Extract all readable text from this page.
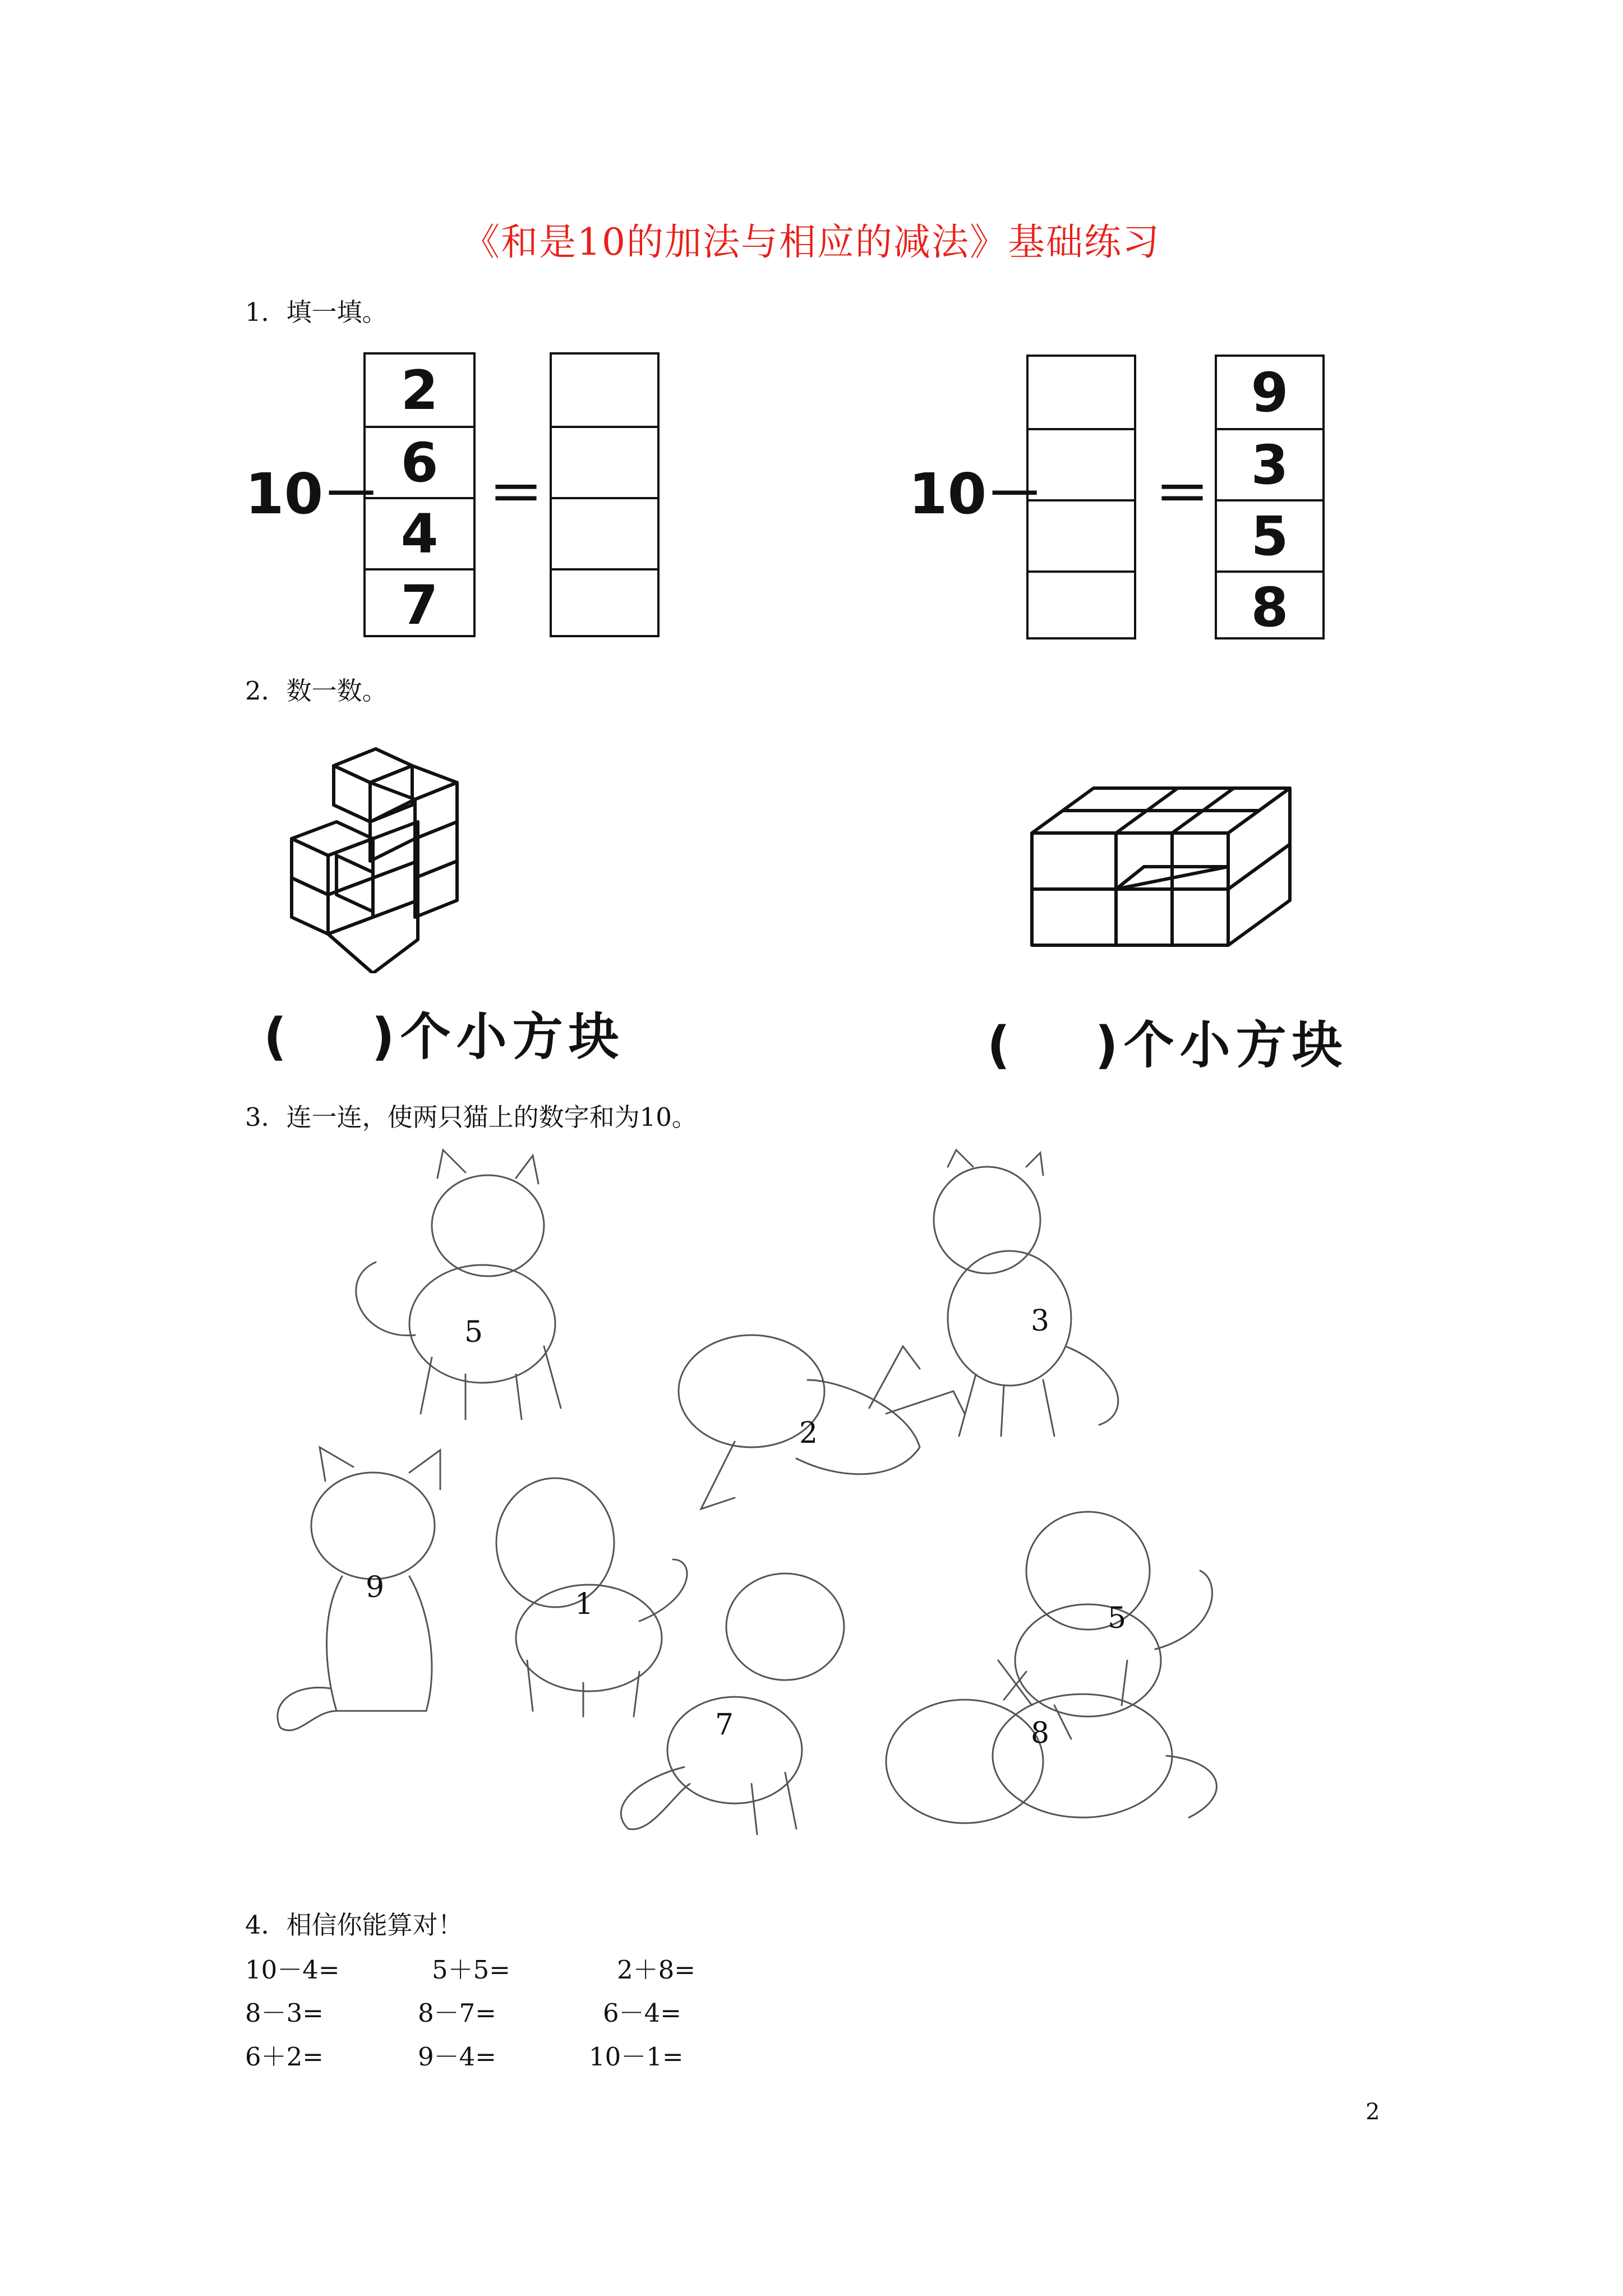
《和是10的加法与相应的减法》基础练习
1．填一填。
10－
2
6
4
7
＝	10－ ＝
9
3
5
8
2．数一数。
(　 )个小方块	(　 )个小方块
3．连一连，使两只猫上的数字和为10。
5	3
2
9	1
7
5
8
4．相信你能算对！
10－4=	5＋5=	2＋8=
8－3=	8－7=	6－4=
6＋2=	9－4=	10－1=
2
